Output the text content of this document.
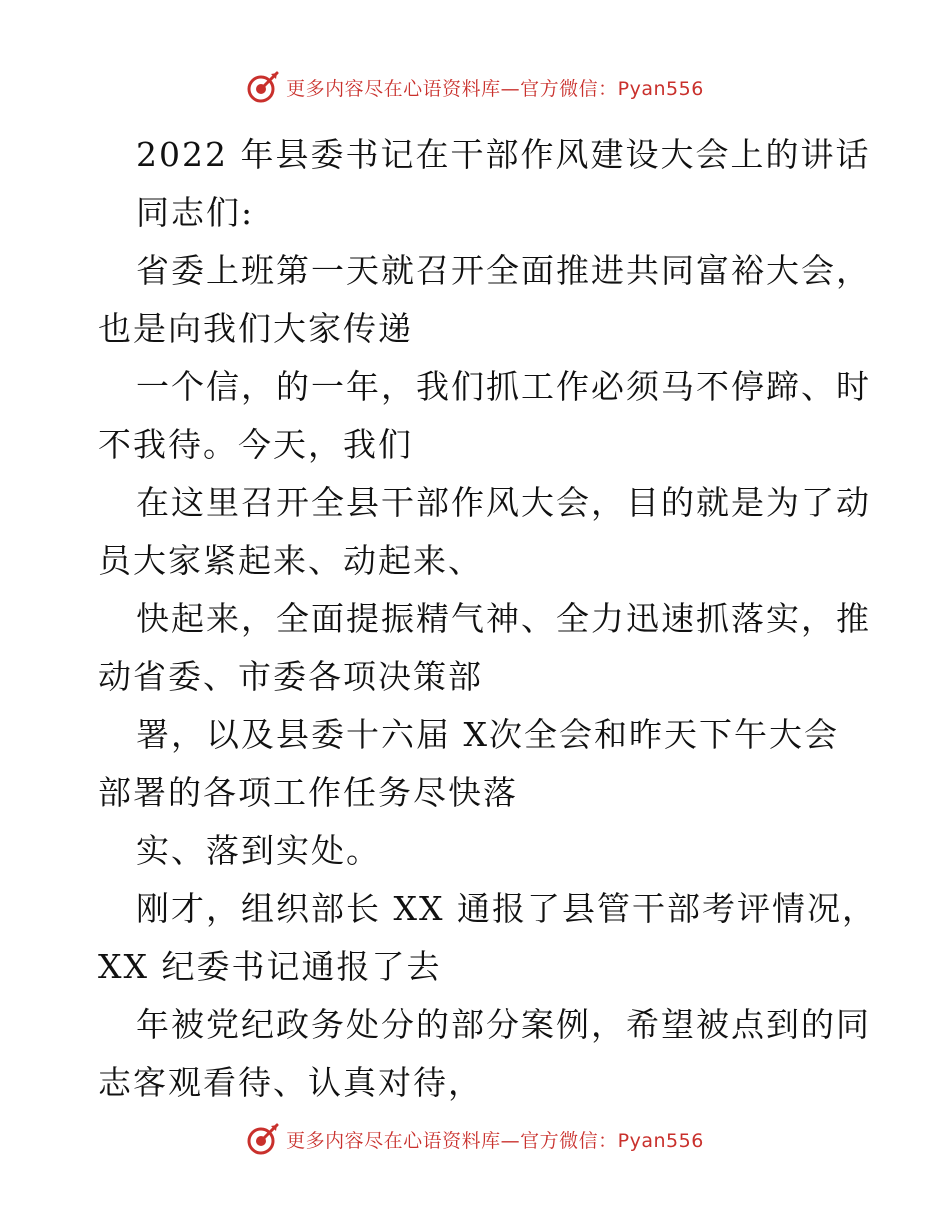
更多内容尽在心语资料库—官方微信：Pyan556
2022 年县委书记在干部作风建设大会上的讲话
同志们:
省委上班第一天就召开全面推进共同富裕大会，
也是向我们大家传递
一个信，的一年，我们抓工作必须马不停蹄、时
不我待。今天，我们
在这里召开全县干部作风大会，目的就是为了动
员大家紧起来、动起来、
快起来，全面提振精气神、全力迅速抓落实，推
动省委、市委各项决策部
署，以及县委十六届 X次全会和昨天下午大会
部署的各项工作任务尽快落
实、落到实处。
刚才，组织部长 XX 通报了县管干部考评情况，
XX 纪委书记通报了去
年被党纪政务处分的部分案例，希望被点到的同
志客观看待、认真对待，
更多内容尽在心语资料库—官方微信：Pyan556
